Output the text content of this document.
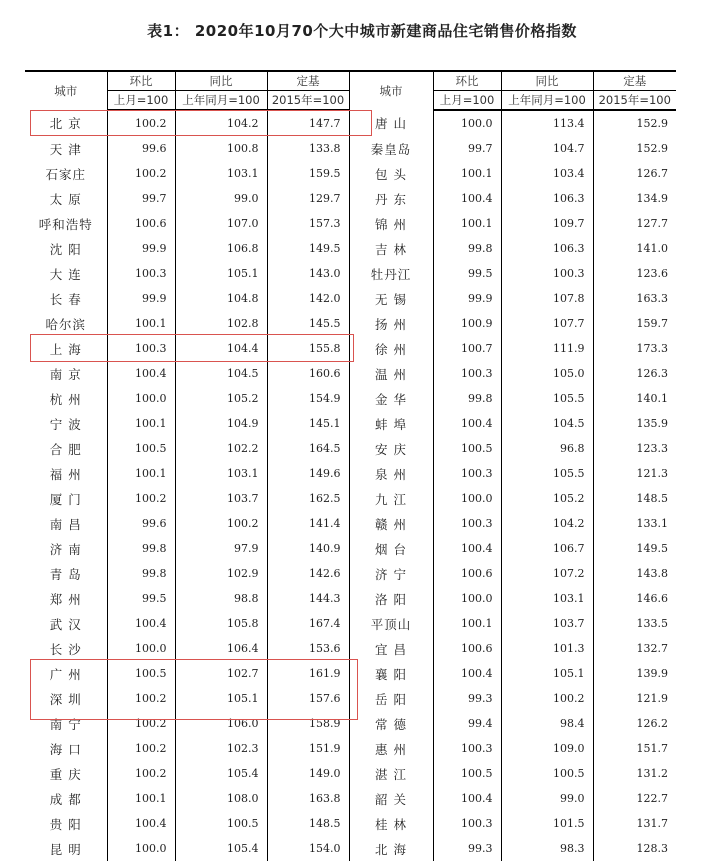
表1： 2020年10月70个大中城市新建商品住宅销售价格指数
城市	环比	同比	定基	城市	环比	同比	定基
	上月=100	上年同月=100	2015年=100		上月=100	上年同月=100	2015年=100
北 京	100.2	104.2	147.7	唐 山	100.0	113.4	152.9
天 津	99.6	100.8	133.8	秦皇岛	99.7	104.7	152.9
石家庄	100.2	103.1	159.5	包 头	100.1	103.4	126.7
太 原	99.7	99.0	129.7	丹 东	100.4	106.3	134.9
呼和浩特	100.6	107.0	157.3	锦 州	100.1	109.7	127.7
沈 阳	99.9	106.8	149.5	吉 林	99.8	106.3	141.0
大 连	100.3	105.1	143.0	牡丹江	99.5	100.3	123.6
长 春	99.9	104.8	142.0	无 锡	99.9	107.8	163.3
哈尔滨	100.1	102.8	145.5	扬 州	100.9	107.7	159.7
上 海	100.3	104.4	155.8	徐 州	100.7	111.9	173.3
南 京	100.4	104.5	160.6	温 州	100.3	105.0	126.3
杭 州	100.0	105.2	154.9	金 华	99.8	105.5	140.1
宁 波	100.1	104.9	145.1	蚌 埠	100.4	104.5	135.9
合 肥	100.5	102.2	164.5	安 庆	100.5	96.8	123.3
福 州	100.1	103.1	149.6	泉 州	100.3	105.5	121.3
厦 门	100.2	103.7	162.5	九 江	100.0	105.2	148.5
南 昌	99.6	100.2	141.4	赣 州	100.3	104.2	133.1
济 南	99.8	97.9	140.9	烟 台	100.4	106.7	149.5
青 岛	99.8	102.9	142.6	济 宁	100.6	107.2	143.8
郑 州	99.5	98.8	144.3	洛 阳	100.0	103.1	146.6
武 汉	100.4	105.8	167.4	平顶山	100.1	103.7	133.5
长 沙	100.0	106.4	153.6	宜 昌	100.6	101.3	132.7
广 州	100.5	102.7	161.9	襄 阳	100.4	105.1	139.9
深 圳	100.2	105.1	157.6	岳 阳	99.3	100.2	121.9
南 宁	100.2	106.0	158.9	常 德	99.4	98.4	126.2
海 口	100.2	102.3	151.9	惠 州	100.3	109.0	151.7
重 庆	100.2	105.4	149.0	湛 江	100.5	100.5	131.2
成 都	100.1	108.0	163.8	韶 关	100.4	99.0	122.7
贵 阳	100.4	100.5	148.5	桂 林	100.3	101.5	131.7
昆 明	100.0	105.4	154.0	北 海	99.3	98.3	128.3
